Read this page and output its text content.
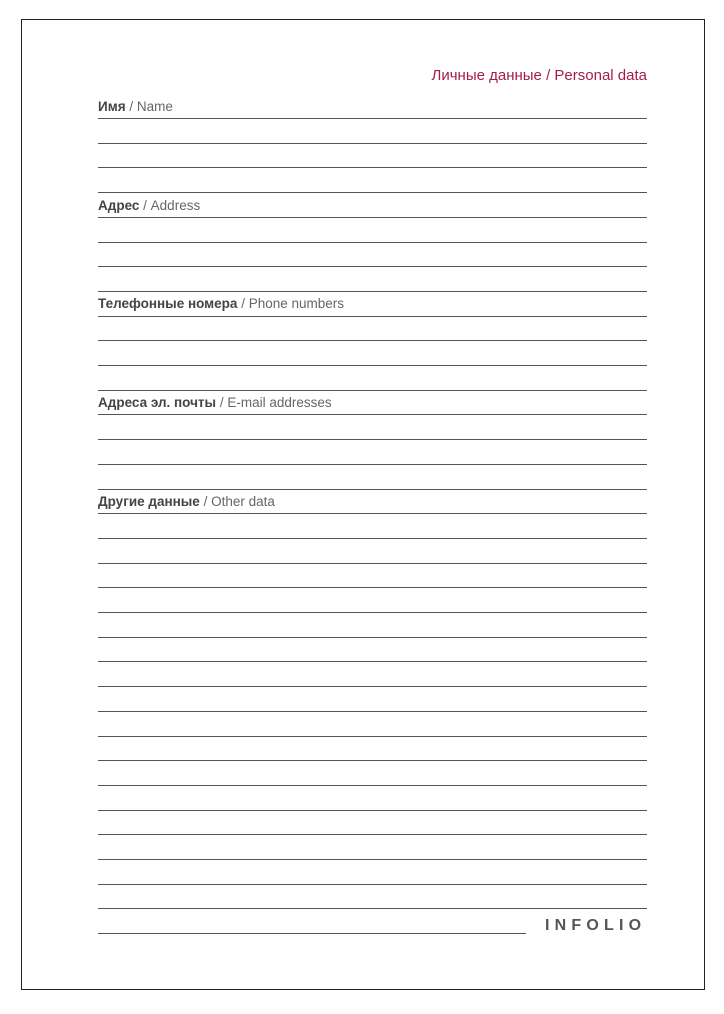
Личные данные / Personal data
Имя / Name
Адрес / Address
Телефонные номера / Phone numbers
Адреса эл. почты / E-mail addresses
Другие данные / Other data
INFOLIO
